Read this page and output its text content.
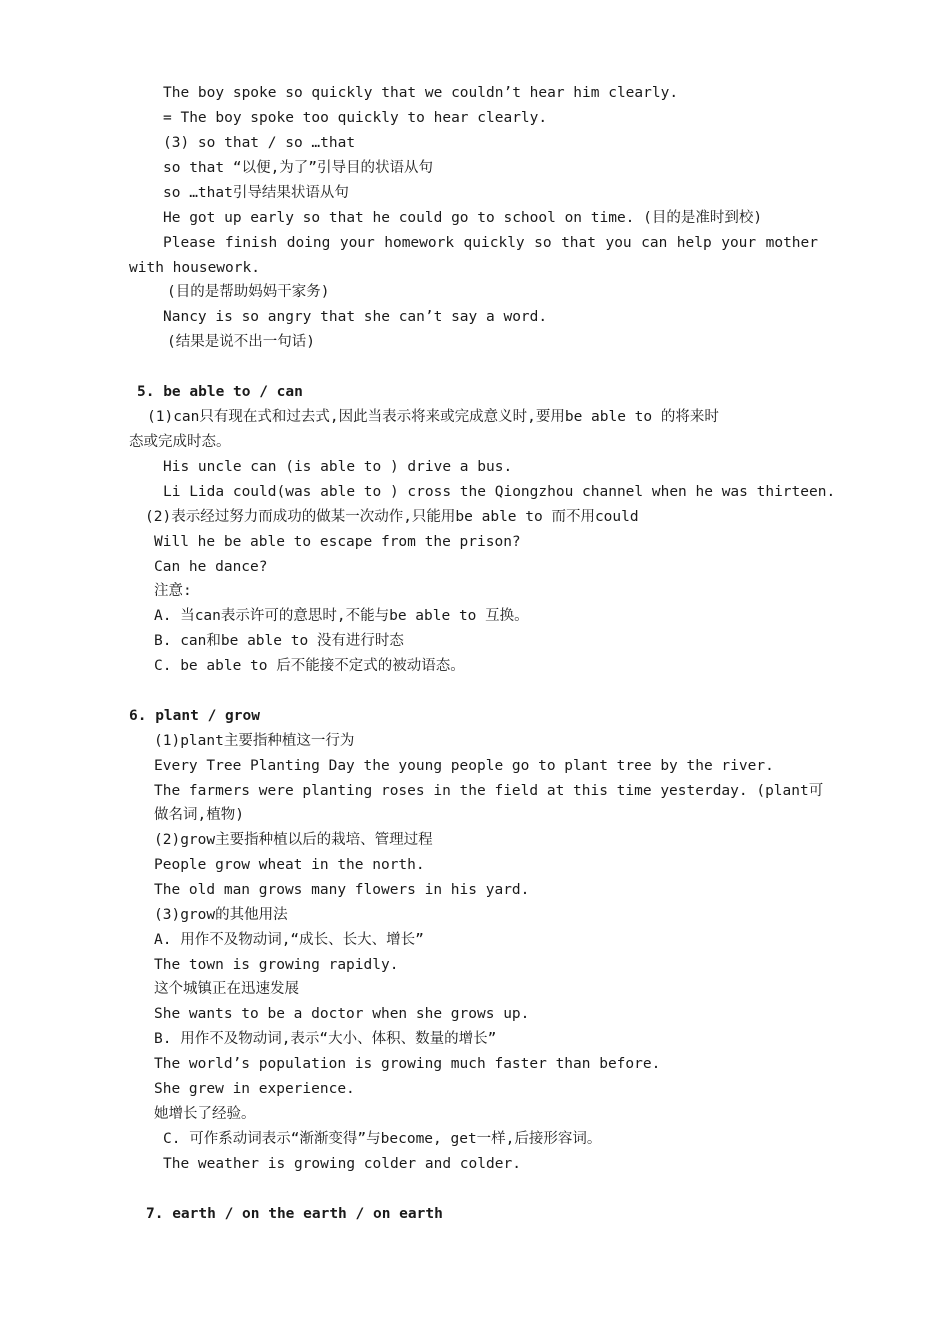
The boy spoke so quickly that we couldn’t hear him clearly.
= The boy spoke too quickly to hear clearly.
(3) so that / so …that
so that “以便,为了”引导目的状语从句
so …that引导结果状语从句
He got up early so that he could go to school on time. (目的是准时到校)
Please finish doing your homework quickly so that you can help your mother
with housework.
(目的是帮助妈妈干家务)
Nancy is so angry that she can’t say a word.
(结果是说不出一句话)
5. be able to / can
(1)can只有现在式和过去式,因此当表示将来或完成意义时,要用be able to 的将来时
态或完成时态。
His uncle can (is able to ) drive a bus.
Li Lida could(was able to ) cross the Qiongzhou channel when he was thirteen.
(2)表示经过努力而成功的做某一次动作,只能用be able to 而不用could
Will he be able to escape from the prison?
Can he dance?
注意:
A. 当can表示许可的意思时,不能与be able to 互换。
B. can和be able to 没有进行时态
C. be able to 后不能接不定式的被动语态。
6. plant / grow
(1)plant主要指种植这一行为
Every Tree Planting Day the young people go to plant tree by the river.
The farmers were planting roses in the field at this time yesterday. (plant可
做名词,植物)
(2)grow主要指种植以后的栽培、管理过程
People grow wheat in the north.
The old man grows many flowers in his yard.
(3)grow的其他用法
A. 用作不及物动词,“成长、长大、增长”
The town is growing rapidly.
这个城镇正在迅速发展
She wants to be a doctor when she grows up.
B. 用作不及物动词,表示“大小、体积、数量的增长”
The world’s population is growing much faster than before.
She grew in experience.
她增长了经验。
C. 可作系动词表示“渐渐变得”与become, get一样,后接形容词。
The weather is growing colder and colder.
7. earth / on the earth / on earth
